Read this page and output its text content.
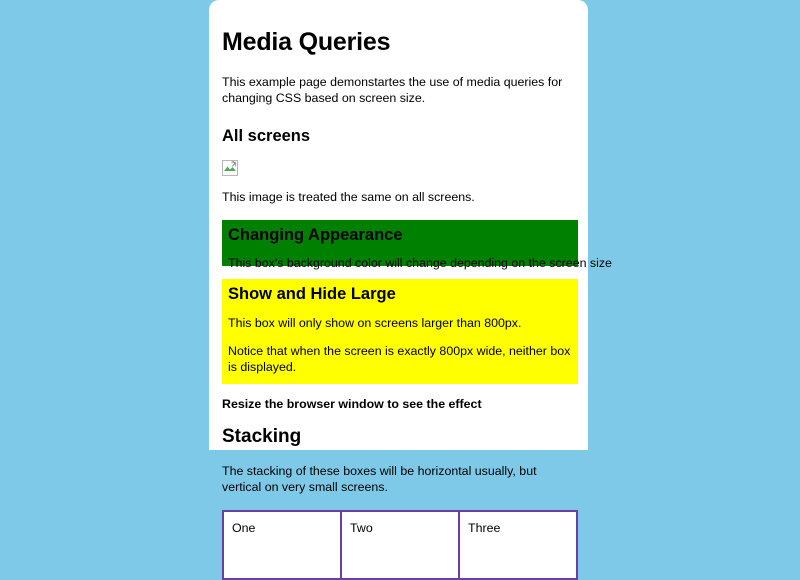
Media Queries

This example page demonstartes the use of media queries for changing CSS based on screen size.

All screens

This image is treated the same on all screens.

Changing Appearance

This box's background color will change depending on the screen size

Show and Hide Large

This box will only show on screens larger than 800px.

Notice that when the screen is exactly 800px wide, neither box is displayed.

Resize the browser window to see the effect

Stacking

The stacking of these boxes will be horizontal usually, but vertical on very small screens.

One	Two	Three
